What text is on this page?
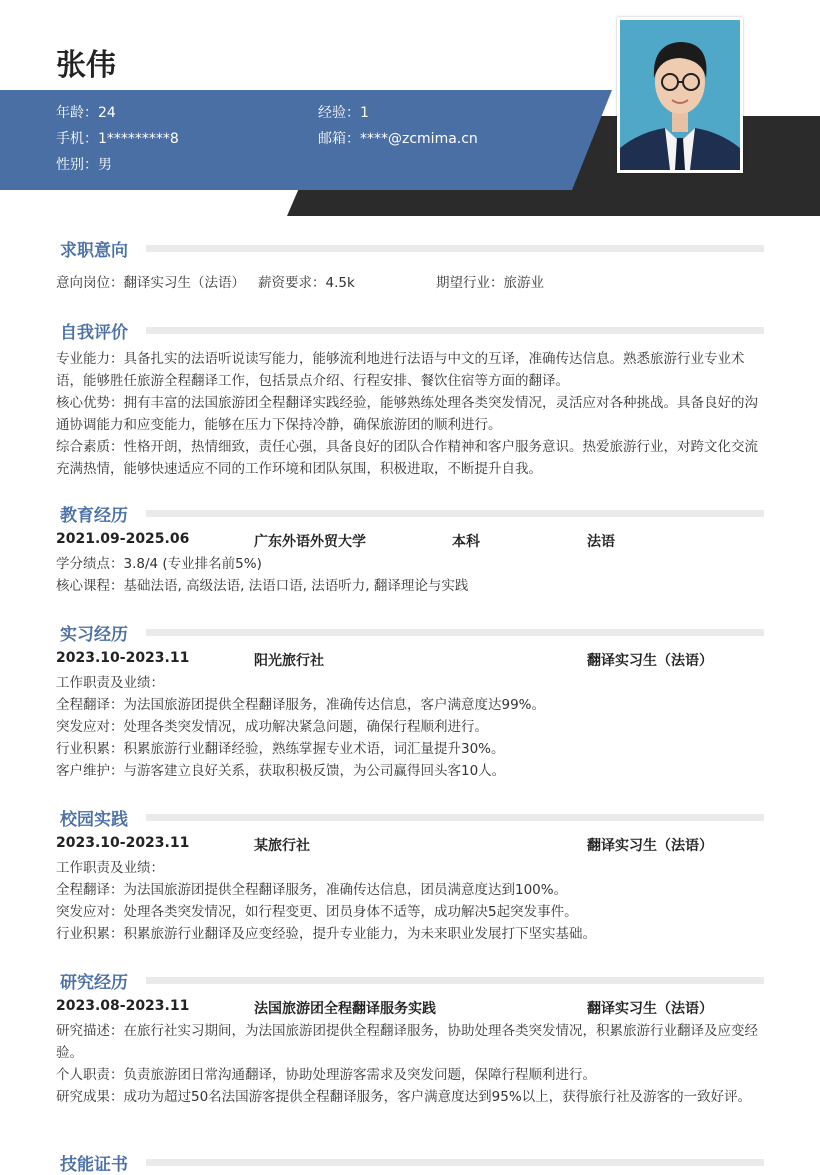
张伟
年龄：24	经验：1
手机：1*********8	邮箱：****@zcmima.cn
性别：男
求职意向
意向岗位：翻译实习生（法语） 薪资要求：4.5k	期望行业：旅游业
自我评价

专业能力：具备扎实的法语听说读写能力，能够流利地进行法语与中文的互译，准确传达信息。熟悉旅游行业专业术语，能够胜任旅游全程翻译工作，包括景点介绍、行程安排、餐饮住宿等方面的翻译。

核心优势：拥有丰富的法国旅游团全程翻译实践经验，能够熟练处理各类突发情况，灵活应对各种挑战。具备良好的沟通协调能力和应变能力，能够在压力下保持冷静，确保旅游团的顺利进行。

综合素质：性格开朗，热情细致，责任心强，具备良好的团队合作精神和客户服务意识。热爱旅游行业，对跨文化交流充满热情，能够快速适应不同的工作环境和团队氛围，积极进取，不断提升自我。

教育经历
2021.09-2025.06	广东外语外贸大学	本科	法语

学分绩点：3.8/4 (专业排名前5%)

核心课程：基础法语, 高级法语, 法语口语, 法语听力, 翻译理论与实践

实习经历
2023.10-2023.11	阳光旅行社	翻译实习生（法语）

工作职责及业绩：

全程翻译：为法国旅游团提供全程翻译服务，准确传达信息，客户满意度达99%。

突发应对：处理各类突发情况，成功解决紧急问题，确保行程顺利进行。

行业积累：积累旅游行业翻译经验，熟练掌握专业术语，词汇量提升30%。

客户维护：与游客建立良好关系，获取积极反馈，为公司赢得回头客10人。

校园实践
2023.10-2023.11	某旅行社	翻译实习生（法语）

工作职责及业绩：

全程翻译：为法国旅游团提供全程翻译服务，准确传达信息，团员满意度达到100%。

突发应对：处理各类突发情况，如行程变更、团员身体不适等，成功解决5起突发事件。

行业积累：积累旅游行业翻译及应变经验，提升专业能力，为未来职业发展打下坚实基础。

研究经历
2023.08-2023.11	法国旅游团全程翻译服务实践	翻译实习生（法语）

研究描述：在旅行社实习期间，为法国旅游团提供全程翻译服务，协助处理各类突发情况，积累旅游行业翻译及应变经验。

个人职责：负责旅游团日常沟通翻译，协助处理游客需求及突发问题，保障行程顺利进行。

研究成果：成功为超过50名法国游客提供全程翻译服务，客户满意度达到95%以上，获得旅行社及游客的一致好评。

技能证书
